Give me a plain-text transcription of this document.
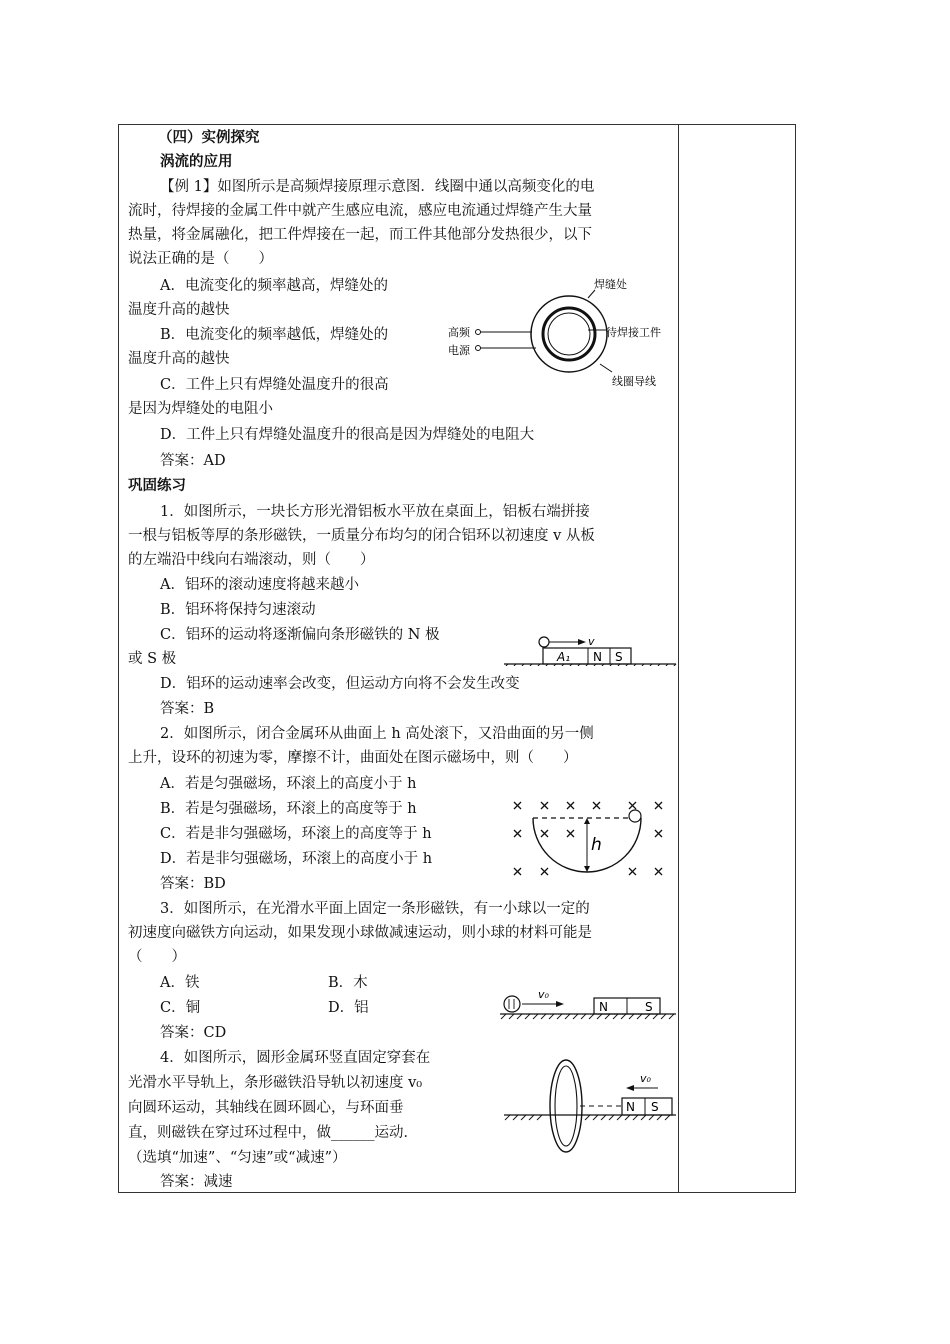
（四）实例探究
涡流的应用
【例 1】如图所示是高频焊接原理示意图．线圈中通以高频变化的电
流时，待焊接的金属工件中就产生感应电流，感应电流通过焊缝产生大量
热量，将金属融化，把工件焊接在一起，而工件其他部分发热很少，以下
说法正确的是（　　）
A．电流变化的频率越高，焊缝处的
温度升高的越快
B．电流变化的频率越低，焊缝处的
温度升高的越快
C．工件上只有焊缝处温度升的很高
是因为焊缝处的电阻小
D．工件上只有焊缝处温度升的很高是因为焊缝处的电阻大
答案：AD
巩固练习
1．如图所示，一块长方形光滑铝板水平放在桌面上，铝板右端拼接
一根与铝板等厚的条形磁铁，一质量分布均匀的闭合铝环以初速度 v 从板
的左端沿中线向右端滚动，则（　　）
A．铝环的滚动速度将越来越小
B．铝环将保持匀速滚动
C．铝环的运动将逐渐偏向条形磁铁的 N 极
或 S 极
D．铝环的运动速率会改变，但运动方向将不会发生改变
答案：B
2．如图所示，闭合金属环从曲面上 h 高处滚下，又沿曲面的另一侧
上升，设环的初速为零，摩擦不计，曲面处在图示磁场中，则（　　）
A．若是匀强磁场，环滚上的高度小于 h
B．若是匀强磁场，环滚上的高度等于 h
C．若是非匀强磁场，环滚上的高度等于 h
D．若是非匀强磁场，环滚上的高度小于 h
答案：BD
3．如图所示，在光滑水平面上固定一条形磁铁，有一小球以一定的
初速度向磁铁方向运动，如果发现小球做减速运动，则小球的材料可能是
（　　）
A．铁	B．木
C．铜	D．铝
答案：CD
4．如图所示，圆形金属环竖直固定穿套在
光滑水平导轨上，条形磁铁沿导轨以初速度 v₀
向圆环运动，其轴线在圆环圆心，与环面垂
直，则磁铁在穿过环过程中，做______运动．
（选填“加速”、“匀速”或“减速”）
答案：减速
焊缝处
高频
电源
待焊接工件
线圈导线
v
A₁ N S
h
v₀
N	S
N S
v₀
